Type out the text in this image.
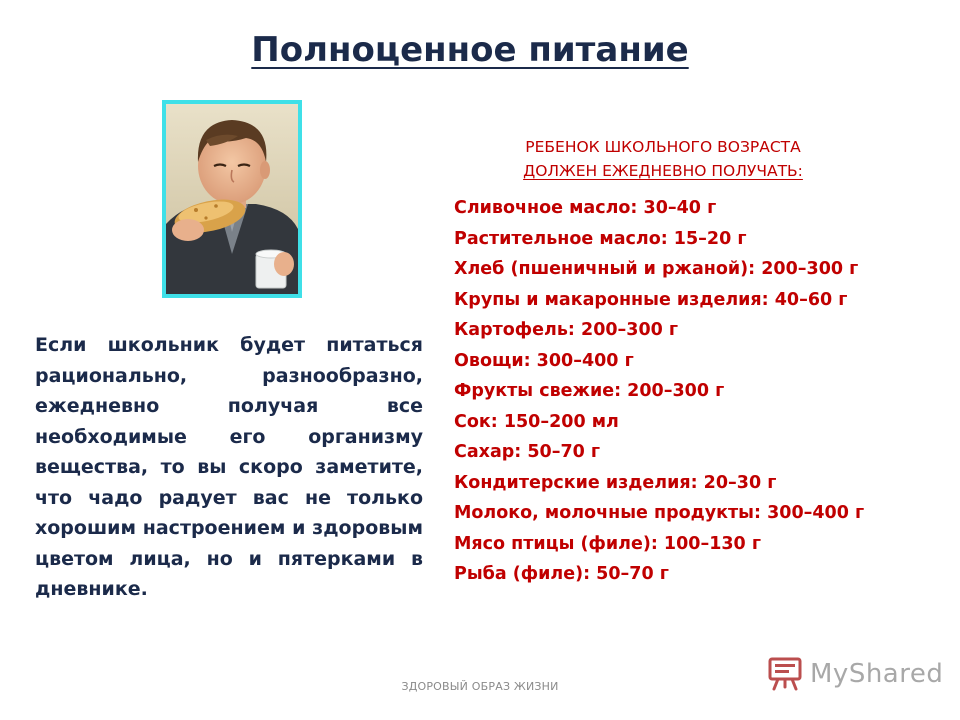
Полноценное питание

Если школьник будет питаться рационально, разнообразно, ежедневно получая все необходимые его организму вещества, то вы скоро заметите, что чадо радует вас не только хорошим настроением и здоровым цветом лица, но и пятерками в дневнике.

РЕБЕНОК ШКОЛЬНОГО ВОЗРАСТА

ДОЛЖЕН ЕЖЕДНЕВНО ПОЛУЧАТЬ:

Сливочное масло: 30–40 г
Растительное масло: 15–20 г
Хлеб (пшеничный и ржаной): 200–300 г
Крупы и макаронные изделия: 40–60 г
Картофель: 200–300 г
Овощи: 300–400 г
Фрукты свежие: 200–300 г
Сок: 150–200 мл
Сахар: 50–70 г
Кондитерские изделия: 20–30 г
Молоко, молочные продукты: 300–400 г
Мясо птицы (филе): 100–130 г
Рыба (филе): 50–70 г
ЗДОРОВЫЙ ОБРАЗ ЖИЗНИ	MyShared
